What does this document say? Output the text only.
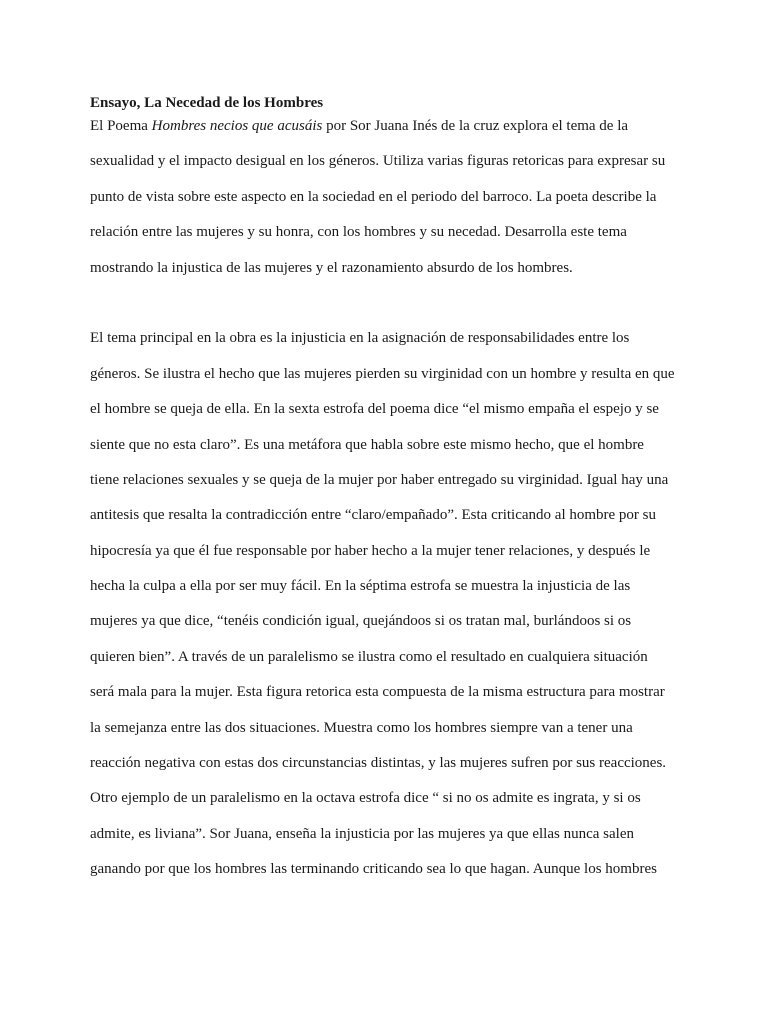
Ensayo, La Necedad de los Hombres
El Poema Hombres necios que acusáis por Sor Juana Inés de la cruz explora el tema de la
sexualidad y el impacto desigual en los géneros. Utiliza varias figuras retoricas para expresar su
punto de vista sobre este aspecto en la sociedad en el periodo del barroco. La poeta describe la
relación entre las mujeres y su honra, con los hombres y su necedad. Desarrolla este tema
mostrando la injustica de las mujeres y el razonamiento absurdo de los hombres.
El tema principal en la obra es la injusticia en la asignación de responsabilidades entre los
géneros. Se ilustra el hecho que las mujeres pierden su virginidad con un hombre y resulta en que
el hombre se queja de ella. En la sexta estrofa del poema dice “el mismo empaña el espejo y se
siente que no esta claro”. Es una metáfora que habla sobre este mismo hecho, que el hombre
tiene relaciones sexuales y se queja de la mujer por haber entregado su virginidad. Igual hay una
antitesis que resalta la contradicción entre “claro/empañado”. Esta criticando al hombre por su
hipocresía ya que él fue responsable por haber hecho a la mujer tener relaciones, y después le
hecha la culpa a ella por ser muy fácil. En la séptima estrofa se muestra la injusticia de las
mujeres ya que dice, “tenéis condición igual, quejándoos si os tratan mal, burlándoos si os
quieren bien”. A través de un paralelismo se ilustra como el resultado en cualquiera situación
será mala para la mujer. Esta figura retorica esta compuesta de la misma estructura para mostrar
la semejanza entre las dos situaciones. Muestra como los hombres siempre van a tener una
reacción negativa con estas dos circunstancias distintas, y las mujeres sufren por sus reacciones.
Otro ejemplo de un paralelismo en la octava estrofa dice “ si no os admite es ingrata, y si os
admite, es liviana”. Sor Juana, enseña la injusticia por las mujeres ya que ellas nunca salen
ganando por que los hombres las terminando criticando sea lo que hagan. Aunque los hombres
